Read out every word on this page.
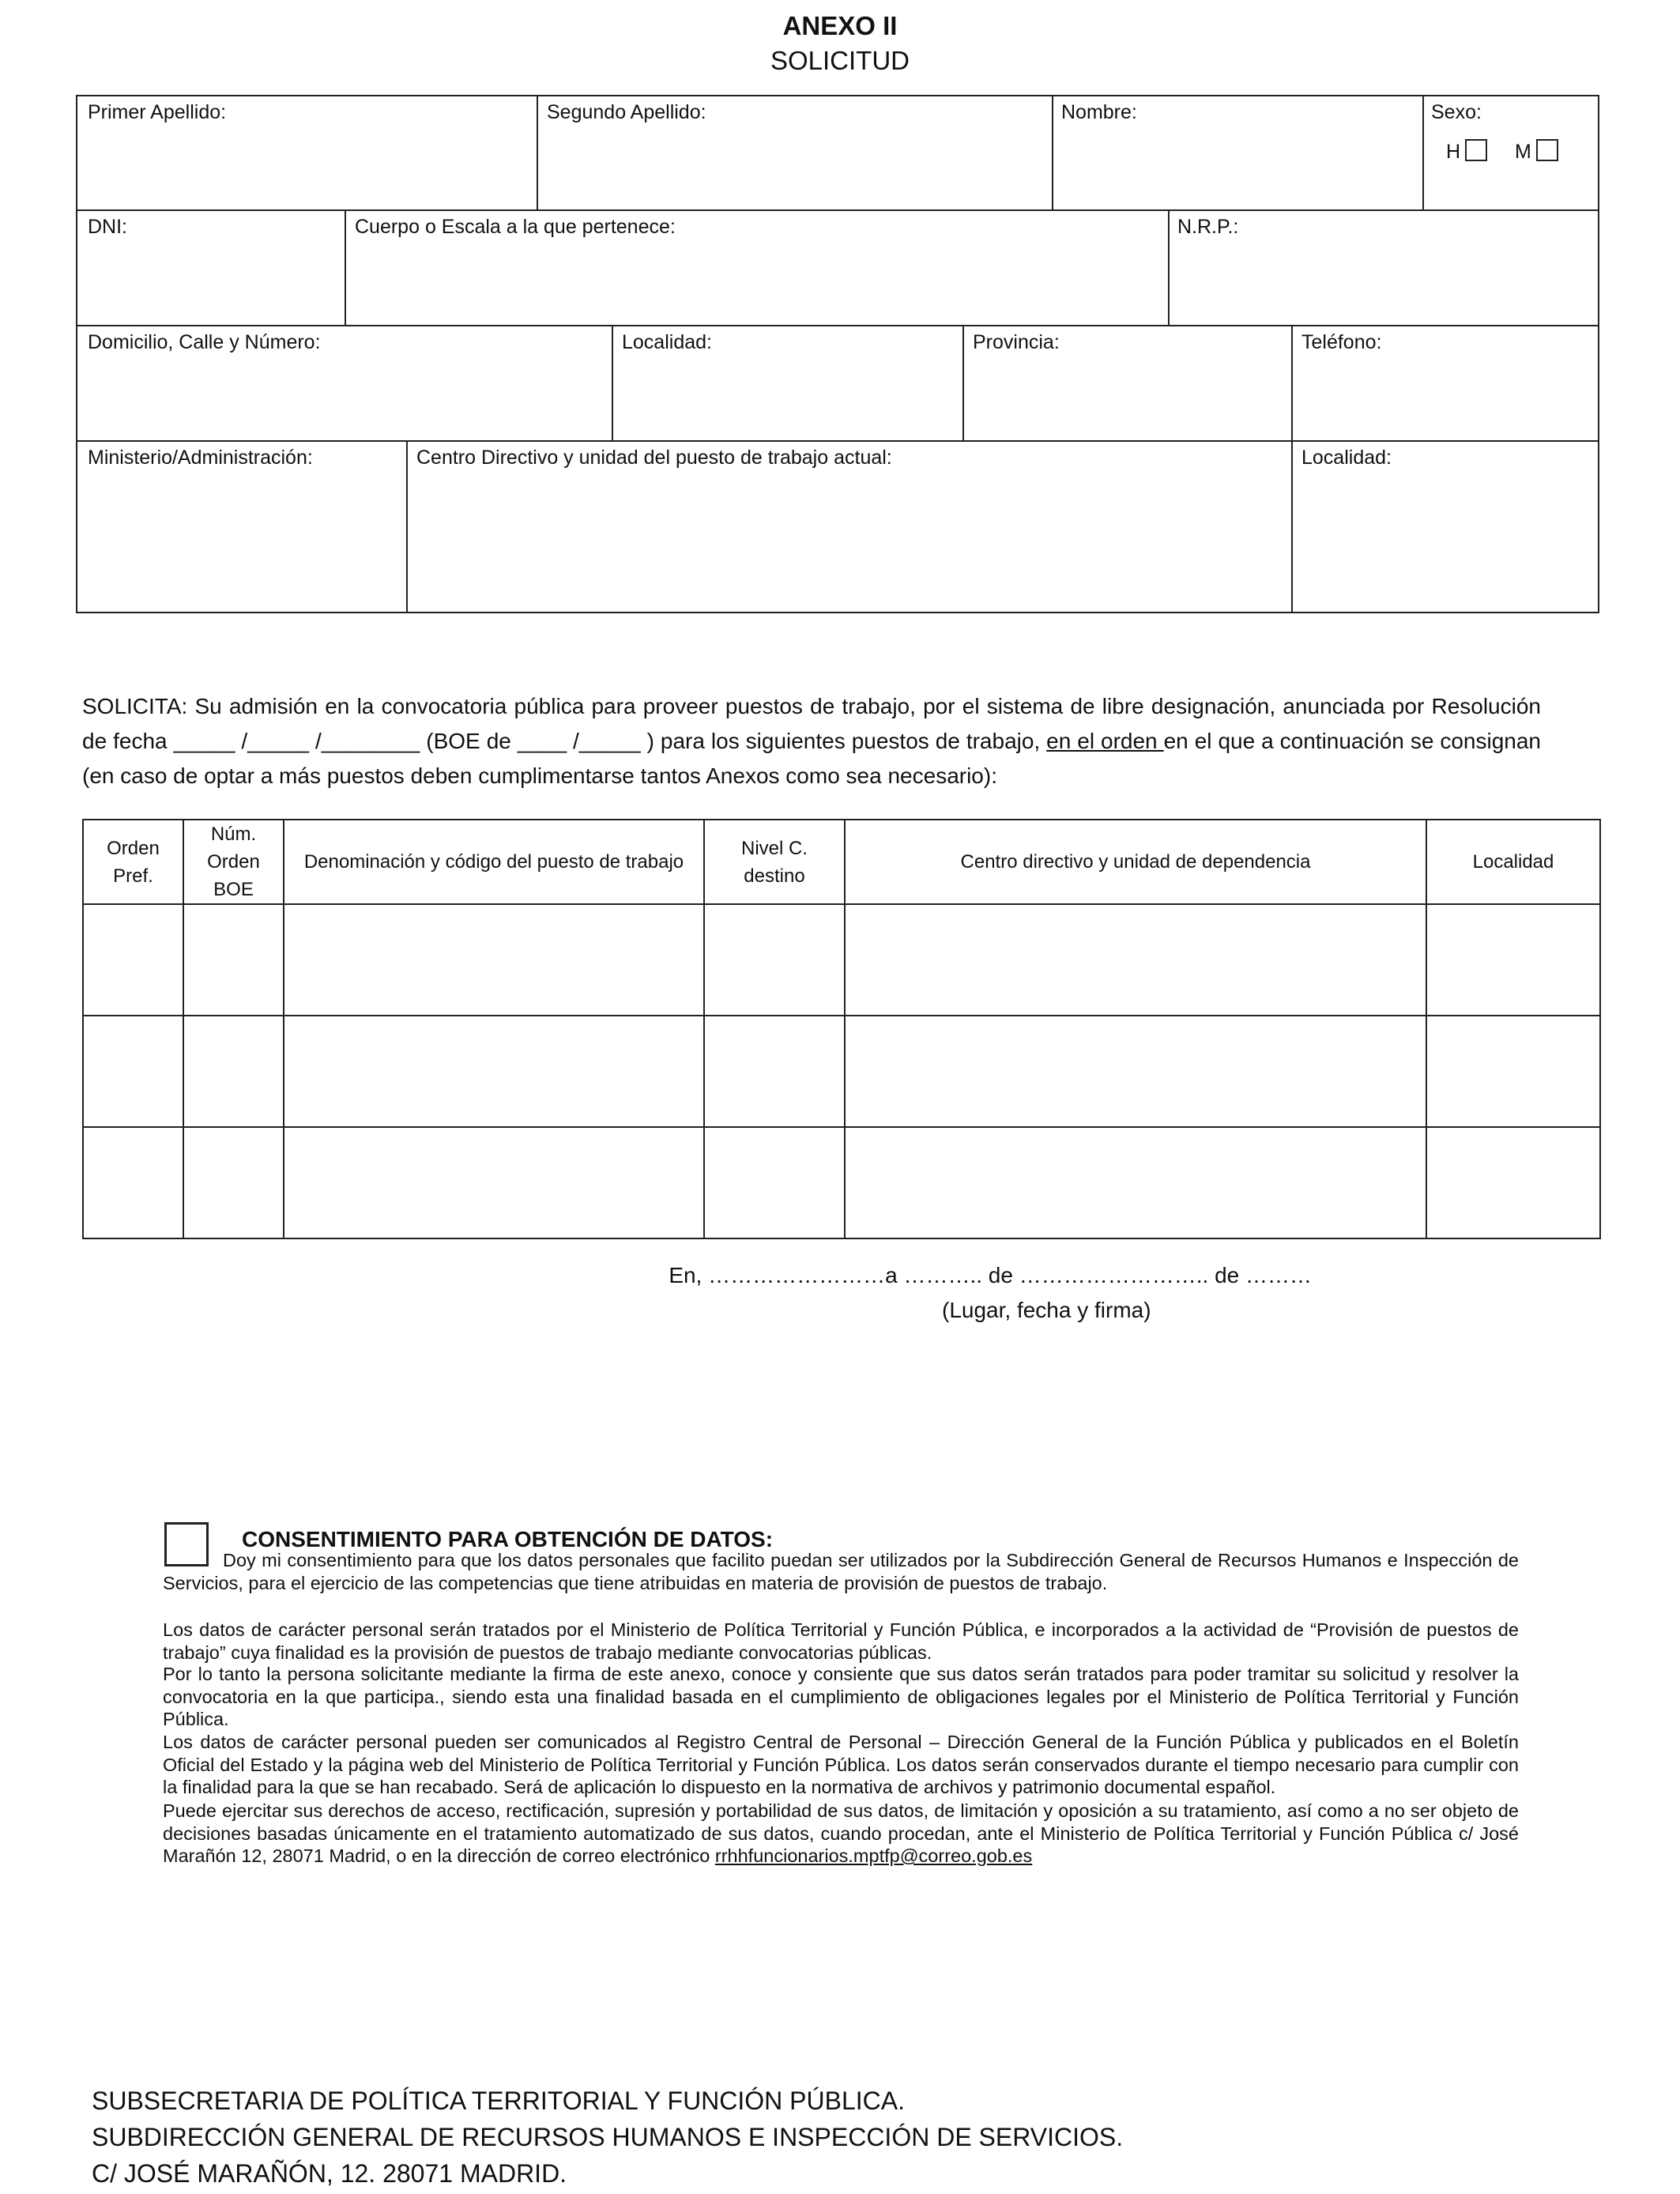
ANEXO II
SOLICITUD
Primer Apellido:	Segundo Apellido:	Nombre:	Sexo:
H	M
DNI:	Cuerpo o Escala a la que pertenece:	N.R.P.:
Domicilio, Calle y Número:	Localidad:	Provincia:	Teléfono:
Ministerio/Administración:	Centro Directivo y unidad del puesto de trabajo actual:	Localidad:
SOLICITA: Su admisión en la convocatoria pública para proveer puestos de trabajo, por el sistema de libre designación, anunciada por Resolución de fecha _____ /_____ /________ (BOE de ____ /_____ ) para los siguientes puestos de trabajo, en el orden en el que a continuación se consignan (en caso de optar a más puestos deben cumplimentarse tantos Anexos como sea necesario):
Orden Pref.	Núm. Orden BOE	Denominación y código del puesto de trabajo	Nivel C. destino	Centro directivo y unidad de dependencia	Localidad

En, ……………………a ……….. de …………………….. de ………
(Lugar, fecha y firma)
CONSENTIMIENTO PARA OBTENCIÓN DE DATOS:
Doy mi consentimiento para que los datos personales que facilito puedan ser utilizados por la Subdirección General de Recursos Humanos e Inspección de Servicios, para el ejercicio de las competencias que tiene atribuidas en materia de provisión de puestos de trabajo.
Los datos de carácter personal serán tratados por el Ministerio de Política Territorial y Función Pública, e incorporados a la actividad de “Provisión de puestos de trabajo” cuya finalidad es la provisión de puestos de trabajo mediante convocatorias públicas.
Por lo tanto la persona solicitante mediante la firma de este anexo, conoce y consiente que sus datos serán tratados para poder tramitar su solicitud y resolver la convocatoria en la que participa., siendo esta una finalidad basada en el cumplimiento de obligaciones legales por el Ministerio de Política Territorial y Función Pública.
Los datos de carácter personal pueden ser comunicados al Registro Central de Personal – Dirección General de la Función Pública y publicados en el Boletín Oficial del Estado y la página web del Ministerio de Política Territorial y Función Pública. Los datos serán conservados durante el tiempo necesario para cumplir con la finalidad para la que se han recabado. Será de aplicación lo dispuesto en la normativa de archivos y patrimonio documental español.
Puede ejercitar sus derechos de acceso, rectificación, supresión y portabilidad de sus datos, de limitación y oposición a su tratamiento, así como a no ser objeto de decisiones basadas únicamente en el tratamiento automatizado de sus datos, cuando procedan, ante el Ministerio de Política Territorial y Función Pública c/ José Marañón 12, 28071 Madrid, o en la dirección de correo electrónico rrhhfuncionarios.mptfp@correo.gob.es
SUBSECRETARIA DE POLÍTICA TERRITORIAL Y FUNCIÓN PÚBLICA.
SUBDIRECCIÓN GENERAL DE RECURSOS HUMANOS E INSPECCIÓN DE SERVICIOS.
C/ JOSÉ MARAÑÓN, 12. 28071 MADRID.
